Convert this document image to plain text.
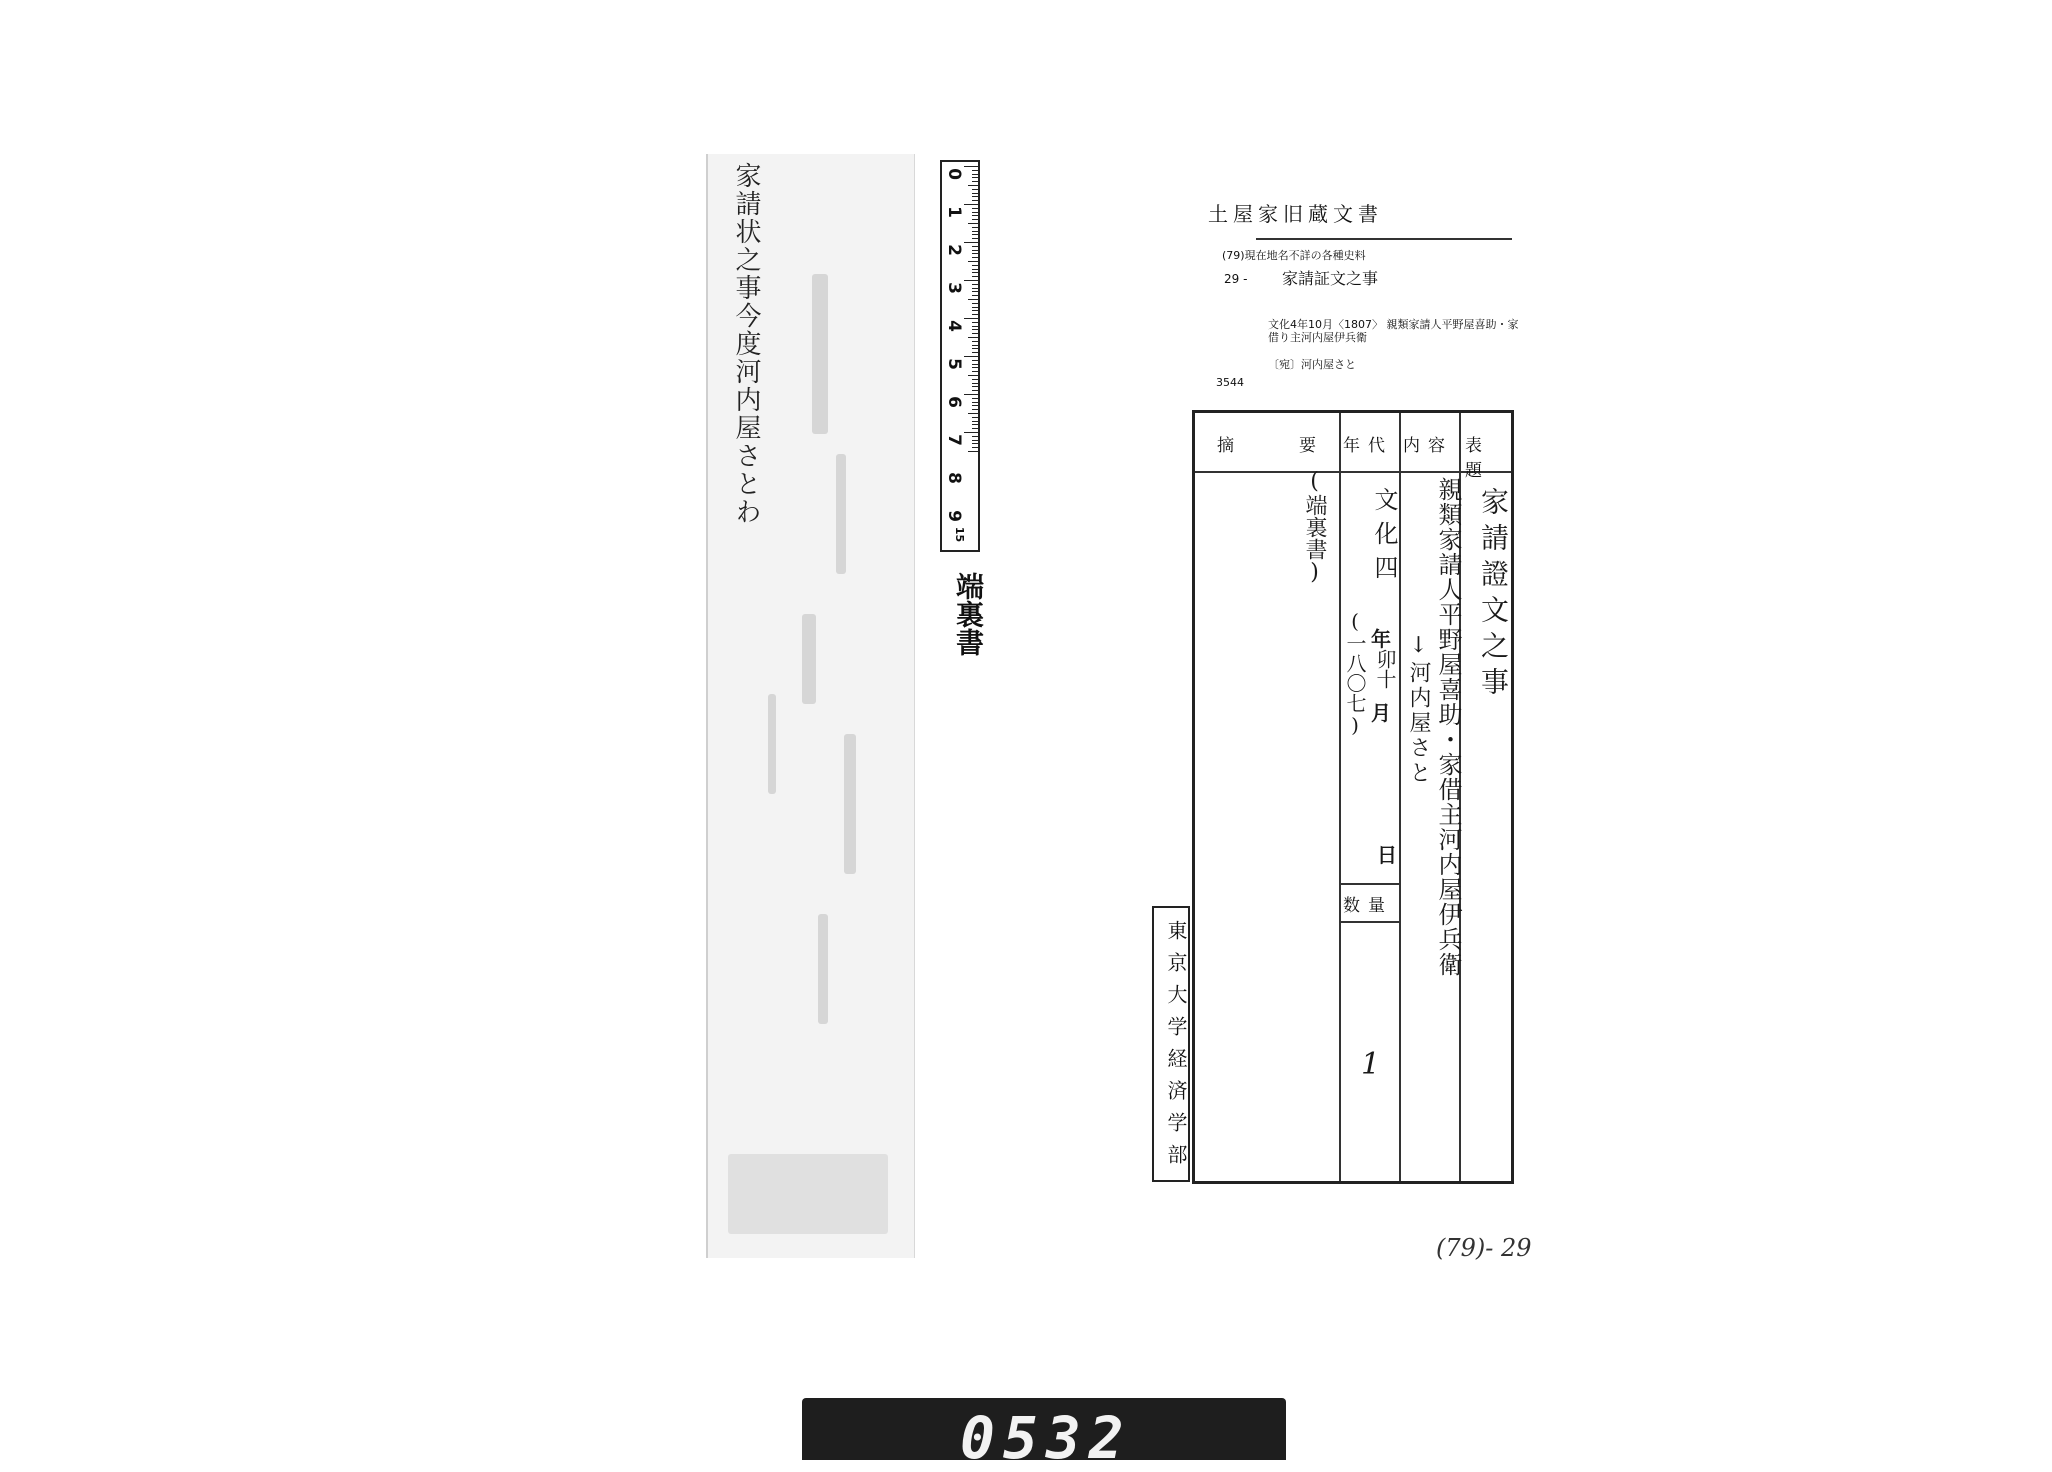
家請状之事今度河内屋さとわ	0
1
2
3
4
5
6
7
8
9
15
端裏書
土屋家旧蔵文書
(79)現在地名不詳の各種史料
29 - 家請証文之事
文化4年10月〈1807〉 親類家請人平野屋喜助・家借り主河内屋伊兵衛
〔宛〕河内屋さと
3544
表題
内容
年代
摘	要
数量
家請證文之事
親類家請人平野屋喜助・家借主河内屋伊兵衛
↓河内屋さと
文化四
年
卯十
月
日
(一八〇七)
(端裏書)
1
東京大学経済学部
(79)- 29
0532
